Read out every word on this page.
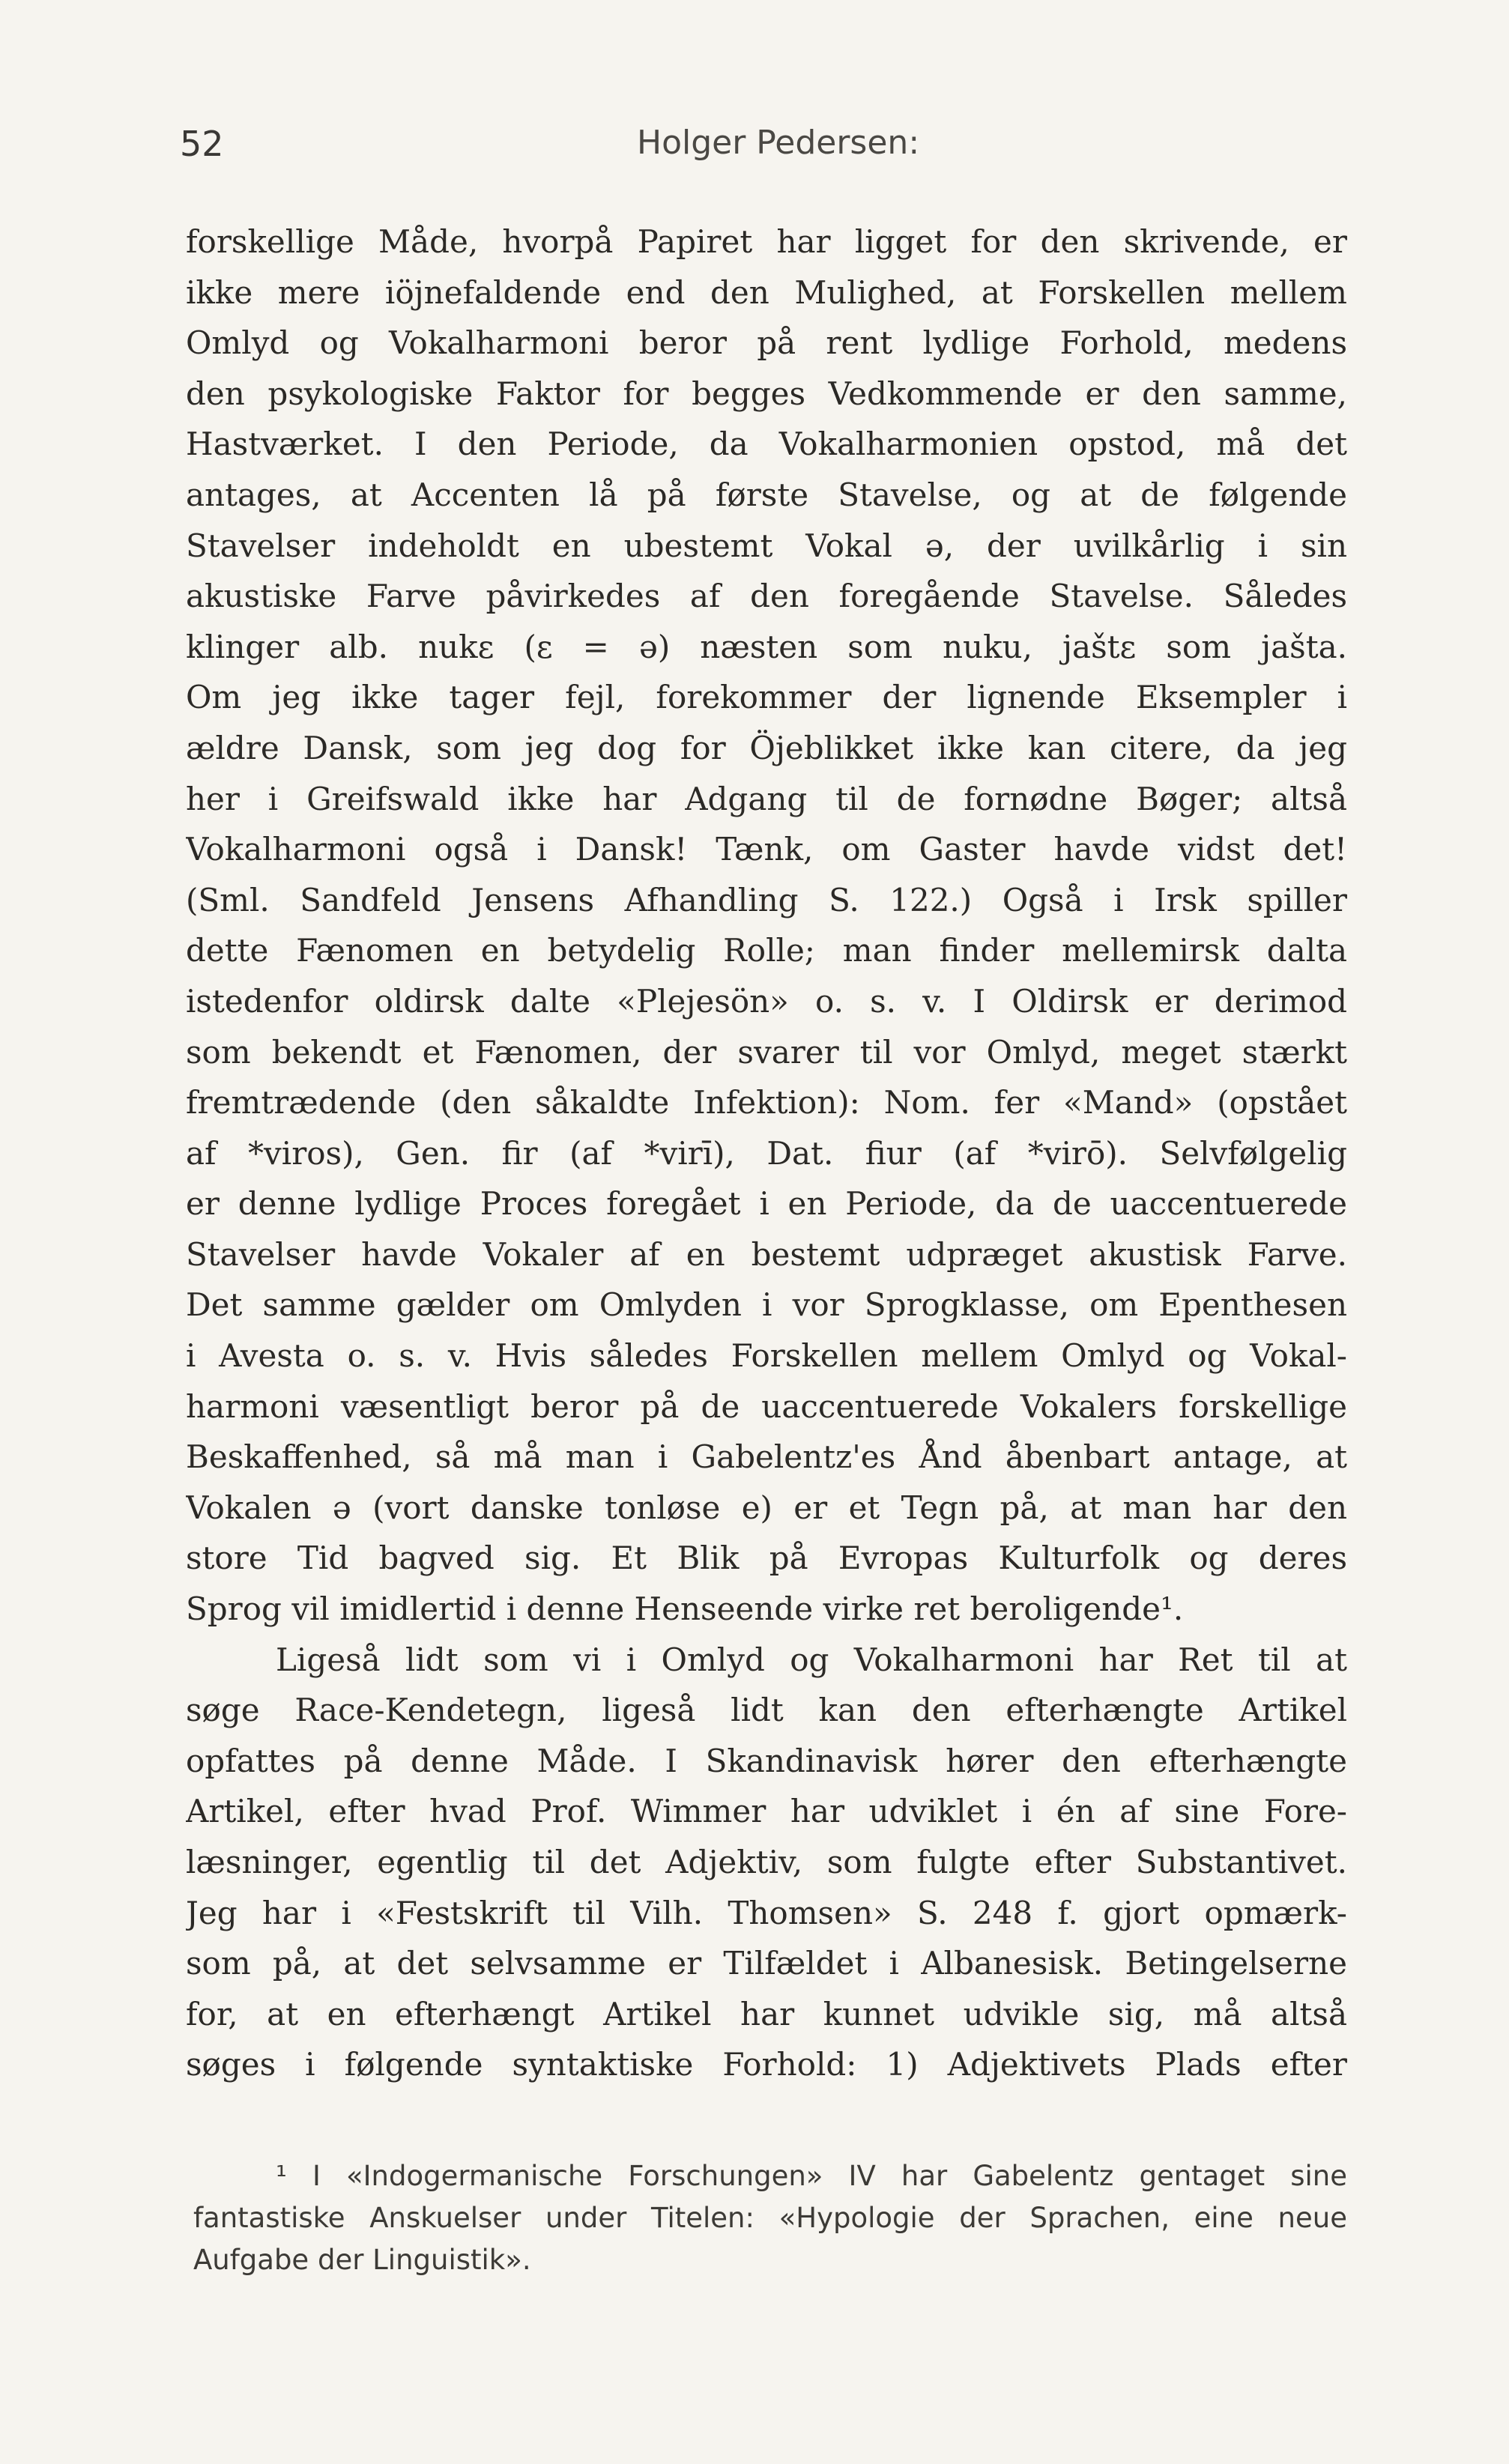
52	Holger Pedersen:
forskellige Måde, hvorpå Papiret har ligget for den skrivende, er
ikke mere iöjnefaldende end den Mulighed, at Forskellen mellem
Omlyd og Vokalharmoni beror på rent lydlige Forhold, medens
den psykologiske Faktor for begges Vedkommende er den samme,
Hastværket. I den Periode, da Vokalharmonien opstod, må det
antages, at Accenten lå på første Stavelse, og at de følgende
Stavelser indeholdt en ubestemt Vokal ə, der uvilkårlig i sin
akustiske Farve påvirkedes af den foregående Stavelse. Således
klinger alb. nukε (ε = ə) næsten som nuku, jaštε som jašta.
Om jeg ikke tager fejl, forekommer der lignende Eksempler i
ældre Dansk, som jeg dog for Öjeblikket ikke kan citere, da jeg
her i Greifswald ikke har Adgang til de fornødne Bøger; altså
Vokalharmoni også i Dansk! Tænk, om Gaster havde vidst det!
(Sml. Sandfeld Jensens Afhandling S. 122.) Også i Irsk spiller
dette Fænomen en betydelig Rolle; man finder mellemirsk dalta
istedenfor oldirsk dalte «Plejesön» o. s. v. I Oldirsk er derimod
som bekendt et Fænomen, der svarer til vor Omlyd, meget stærkt
fremtrædende (den såkaldte Infektion): Nom. fer «Mand» (opstået
af *viros), Gen. fir (af *virī), Dat. fiur (af *virō). Selvfølgelig
er denne lydlige Proces foregået i en Periode, da de uaccentuerede
Stavelser havde Vokaler af en bestemt udpræget akustisk Farve.
Det samme gælder om Omlyden i vor Sprogklasse, om Epenthesen
i Avesta o. s. v. Hvis således Forskellen mellem Omlyd og Vokal-
harmoni væsentligt beror på de uaccentuerede Vokalers forskellige
Beskaffenhed, så må man i Gabelentz'es Ånd åbenbart antage, at
Vokalen ə (vort danske tonløse e) er et Tegn på, at man har den
store Tid bagved sig. Et Blik på Evropas Kulturfolk og deres
Sprog vil imidlertid i denne Henseende virke ret beroligende¹.
Ligeså lidt som vi i Omlyd og Vokalharmoni har Ret til at
søge Race-Kendetegn, ligeså lidt kan den efterhængte Artikel
opfattes på denne Måde. I Skandinavisk hører den efterhængte
Artikel, efter hvad Prof. Wimmer har udviklet i én af sine Fore-
læsninger, egentlig til det Adjektiv, som fulgte efter Substantivet.
Jeg har i «Festskrift til Vilh. Thomsen» S. 248 f. gjort opmærk-
som på, at det selvsamme er Tilfældet i Albanesisk. Betingelserne
for, at en efterhængt Artikel har kunnet udvikle sig, må altså
søges i følgende syntaktiske Forhold: 1) Adjektivets Plads efter
¹ I «Indogermanische Forschungen» IV har Gabelentz gentaget sine
fantastiske Anskuelser under Titelen: «Hypologie der Sprachen, eine neue
Aufgabe der Linguistik».
